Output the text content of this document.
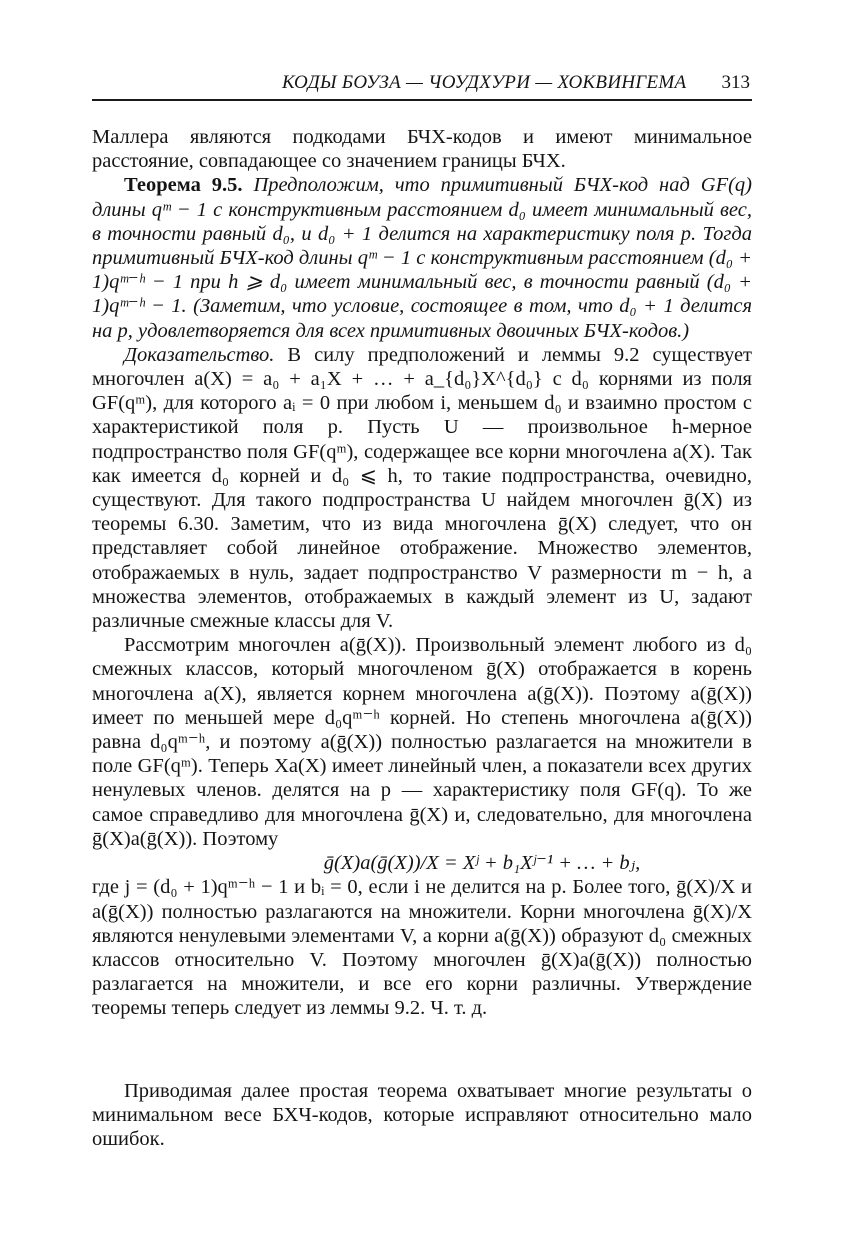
КОДЫ БОУЗА — ЧОУДХУРИ — ХОКВИНГЕМА 313

Маллера являются подкодами БЧХ-кодов и имеют минимальное расстояние, совпадающее со значением границы БЧХ.

Теорема 9.5. Предположим, что примитивный БЧХ-код над GF(q) длины qᵐ − 1 с конструктивным расстоянием d₀ имеет минимальный вес, в точности равный d₀, и d₀ + 1 делится на характеристику поля p. Тогда примитивный БЧХ-код длины qᵐ − 1 с конструктивным расстоянием (d₀ + 1)qᵐ⁻ʰ − 1 при h ⩾ d₀ имеет минимальный вес, в точности равный (d₀ + 1)qᵐ⁻ʰ − 1. (Заметим, что условие, состоящее в том, что d₀ + 1 делится на p, удовлетворяется для всех примитивных двоичных БЧХ-кодов.)

Доказательство. В силу предположений и леммы 9.2 существует многочлен a(X) = a₀ + a₁X + … + a_{d₀}X^{d₀} с d₀ корнями из поля GF(qᵐ), для которого aᵢ = 0 при любом i, меньшем d₀ и взаимно простом с характеристикой поля p. Пусть U — произвольное h-мерное подпространство поля GF(qᵐ), содержащее все корни многочлена a(X). Так как имеется d₀ корней и d₀ ⩽ h, то такие подпространства, очевидно, существуют. Для такого подпространства U найдем многочлен ḡ(X) из теоремы 6.30. Заметим, что из вида многочлена ḡ(X) следует, что он представляет собой линейное отображение. Множество элементов, отображаемых в нуль, задает подпространство V размерности m − h, а множества элементов, отображаемых в каждый элемент из U, задают различные смежные классы для V.

Рассмотрим многочлен a(ḡ(X)). Произвольный элемент любого из d₀ смежных классов, который многочленом ḡ(X) отображается в корень многочлена a(X), является корнем многочлена a(ḡ(X)). Поэтому a(ḡ(X)) имеет по меньшей мере d₀qᵐ⁻ʰ корней. Но степень многочлена a(ḡ(X)) равна d₀qᵐ⁻ʰ, и поэтому a(ḡ(X)) полностью разлагается на множители в поле GF(qᵐ). Теперь Xa(X) имеет линейный член, а показатели всех других ненулевых членов. делятся на p — характеристику поля GF(q). То же самое справедливо для многочлена ḡ(X) и, следовательно, для многочлена ḡ(X)a(ḡ(X)). Поэтому

ḡ(X)a(ḡ(X))/X = Xʲ + b₁Xʲ⁻¹ + … + bⱼ,

где j = (d₀ + 1)qᵐ⁻ʰ − 1 и bᵢ = 0, если i не делится на p. Более того, ḡ(X)/X и a(ḡ(X)) полностью разлагаются на множители. Корни многочлена ḡ(X)/X являются ненулевыми элементами V, а корни a(ḡ(X)) образуют d₀ смежных классов относительно V. Поэтому многочлен ḡ(X)a(ḡ(X)) полностью разлагается на множители, и все его корни различны. Утверждение теоремы теперь следует из леммы 9.2. Ч. т. д.

Приводимая далее простая теорема охватывает многие результаты о минимальном весе БХЧ-кодов, которые исправляют относительно мало ошибок.
